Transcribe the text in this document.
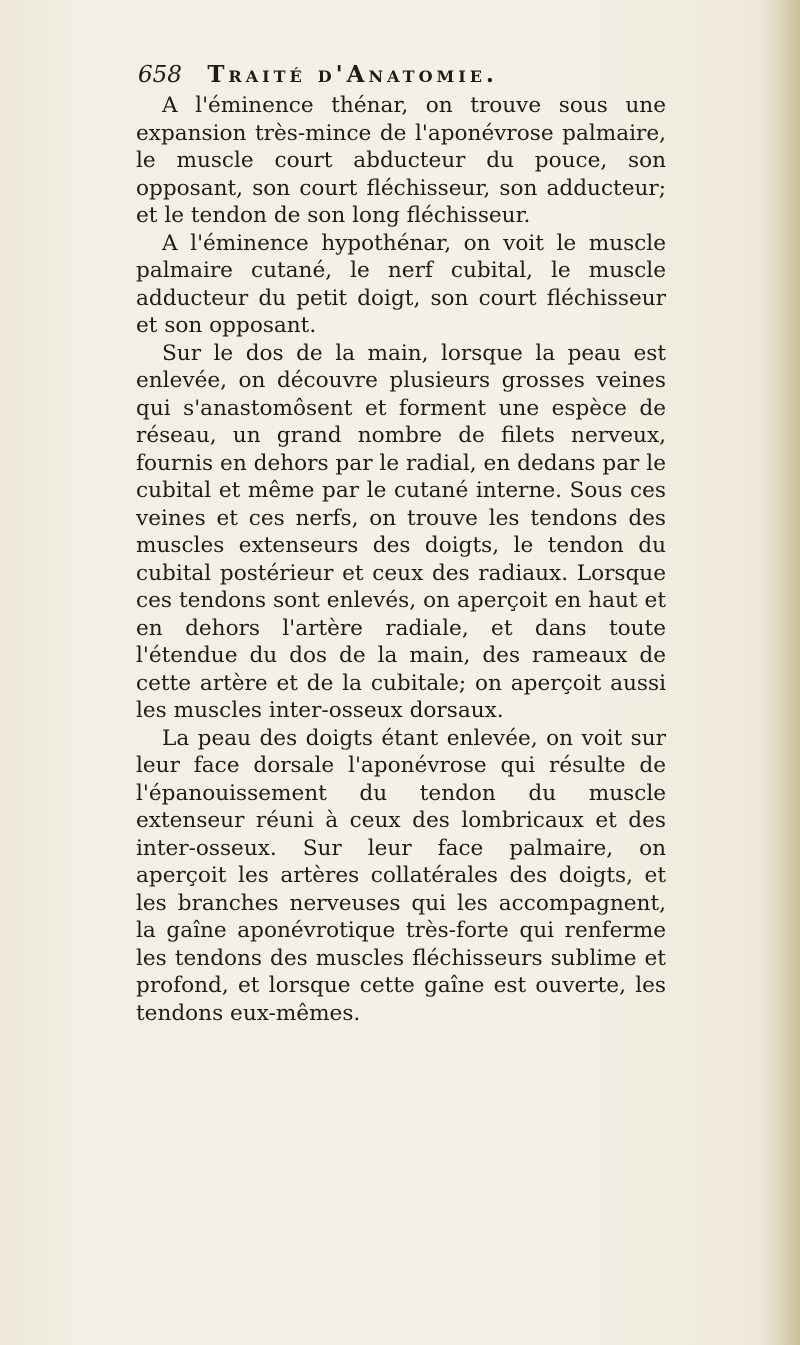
658 Traité d'Anatomie.

A l'éminence thénar, on trouve sous une expansion très-mince de l'aponévrose palmaire, le muscle court abducteur du pouce, son opposant, son court fléchisseur, son adducteur; et le tendon de son long fléchisseur.

A l'éminence hypothénar, on voit le muscle palmaire cutané, le nerf cubital, le muscle adducteur du petit doigt, son court fléchisseur et son opposant.

Sur le dos de la main, lorsque la peau est enlevée, on découvre plusieurs grosses veines qui s'anastomôsent et forment une espèce de réseau, un grand nombre de filets nerveux, fournis en dehors par le radial, en dedans par le cubital et même par le cutané interne. Sous ces veines et ces nerfs, on trouve les tendons des muscles extenseurs des doigts, le tendon du cubital postérieur et ceux des radiaux. Lorsque ces tendons sont enlevés, on aperçoit en haut et en dehors l'artère radiale, et dans toute l'étendue du dos de la main, des rameaux de cette artère et de la cubitale; on aperçoit aussi les muscles inter-osseux dorsaux.

La peau des doigts étant enlevée, on voit sur leur face dorsale l'aponévrose qui résulte de l'épanouissement du tendon du muscle extenseur réuni à ceux des lombricaux et des inter-osseux. Sur leur face palmaire, on aperçoit les artères collatérales des doigts, et les branches nerveuses qui les accompagnent, la gaîne aponévrotique très-forte qui renferme les tendons des muscles fléchisseurs sublime et profond, et lorsque cette gaîne est ouverte, les tendons eux-mêmes.
